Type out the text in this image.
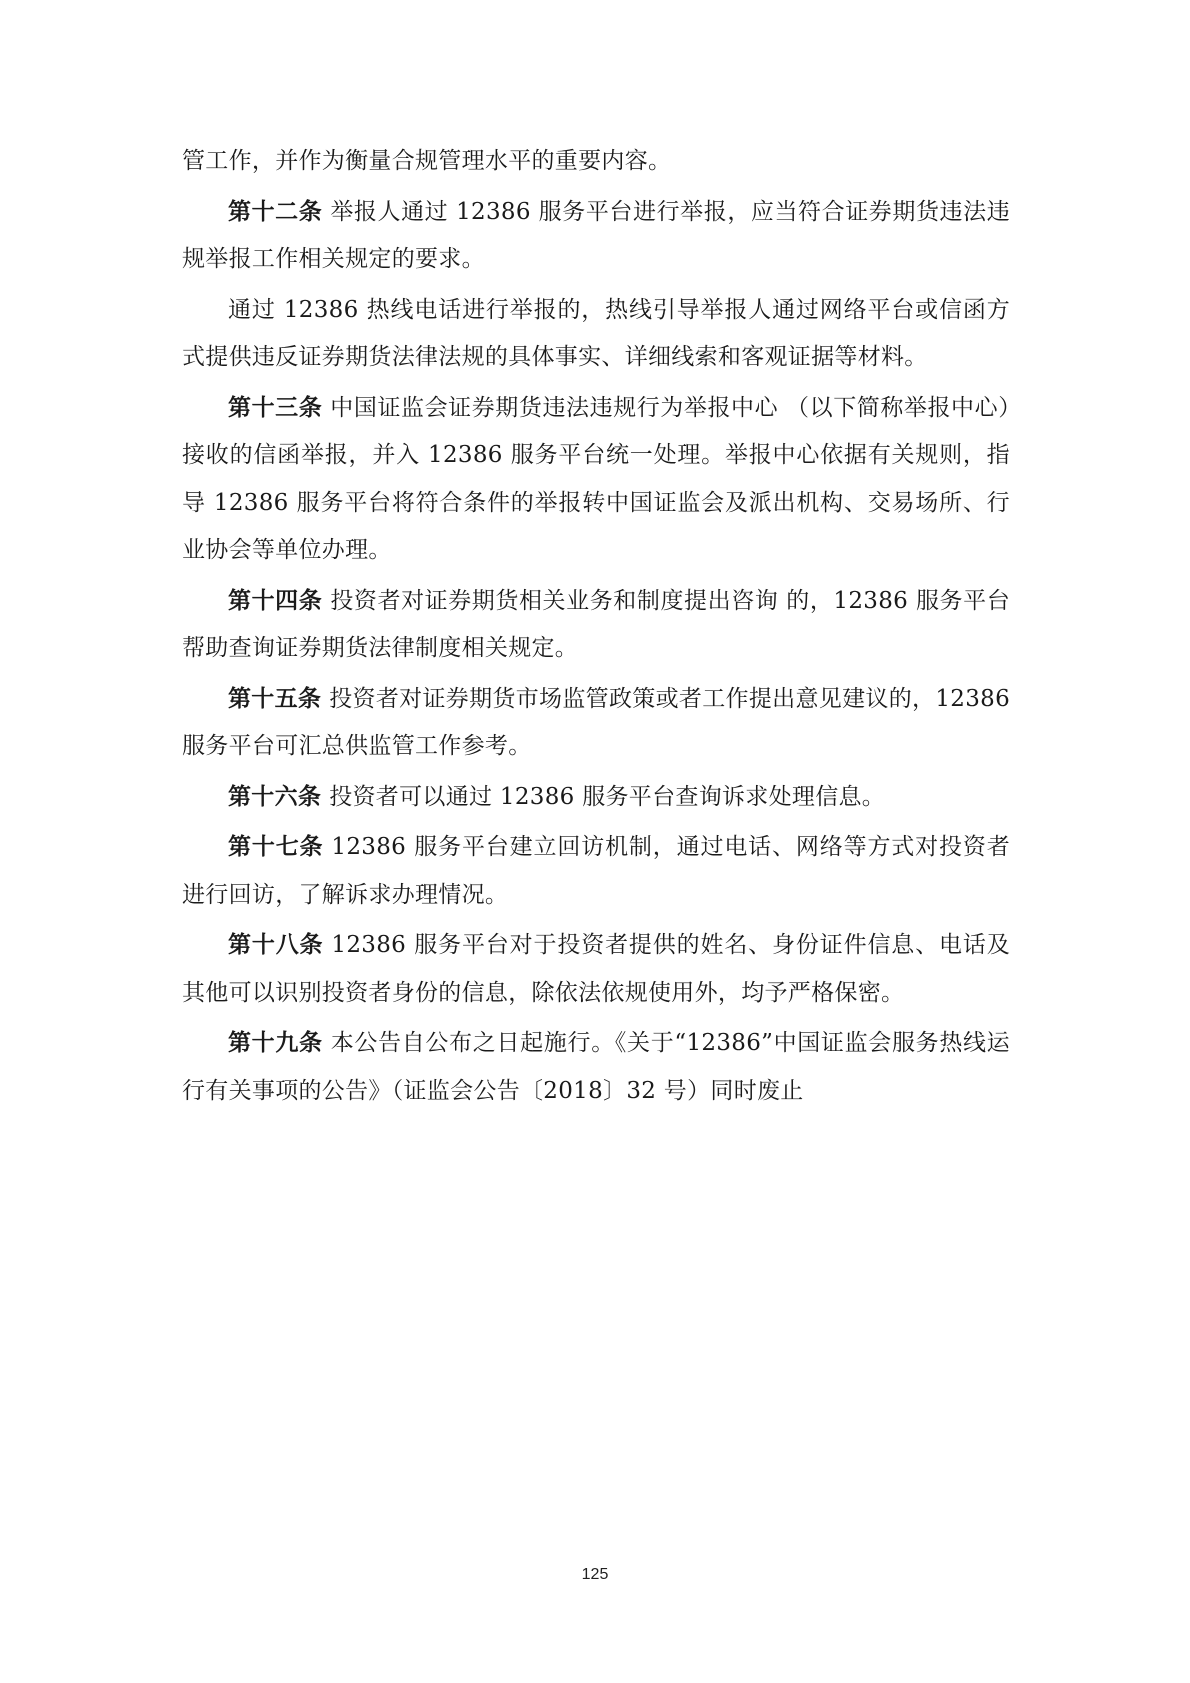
管工作，并作为衡量合规管理水平的重要内容。

第十二条 举报人通过 12386 服务平台进行举报，应当符合证券期货违法违规举报工作相关规定的要求。

通过 12386 热线电话进行举报的，热线引导举报人通过网络平台或信函方式提供违反证券期货法律法规的具体事实、详细线索和客观证据等材料。

第十三条 中国证监会证券期货违法违规行为举报中心 （以下简称举报中心）接收的信函举报，并入 12386 服务平台统一处理。举报中心依据有关规则，指导 12386 服务平台将符合条件的举报转中国证监会及派出机构、交易场所、行业协会等单位办理。

第十四条 投资者对证券期货相关业务和制度提出咨询 的，12386 服务平台帮助查询证券期货法律制度相关规定。

第十五条 投资者对证券期货市场监管政策或者工作提出意见建议的，12386 服务平台可汇总供监管工作参考。

第十六条 投资者可以通过 12386 服务平台查询诉求处理信息。

第十七条 12386 服务平台建立回访机制，通过电话、网络等方式对投资者进行回访，了解诉求办理情况。

第十八条 12386 服务平台对于投资者提供的姓名、身份证件信息、电话及其他可以识别投资者身份的信息，除依法依规使用外，均予严格保密。

第十九条 本公告自公布之日起施行。《关于“12386”中国证监会服务热线运行有关事项的公告》（证监会公告〔2018〕32 号）同时废止

125
